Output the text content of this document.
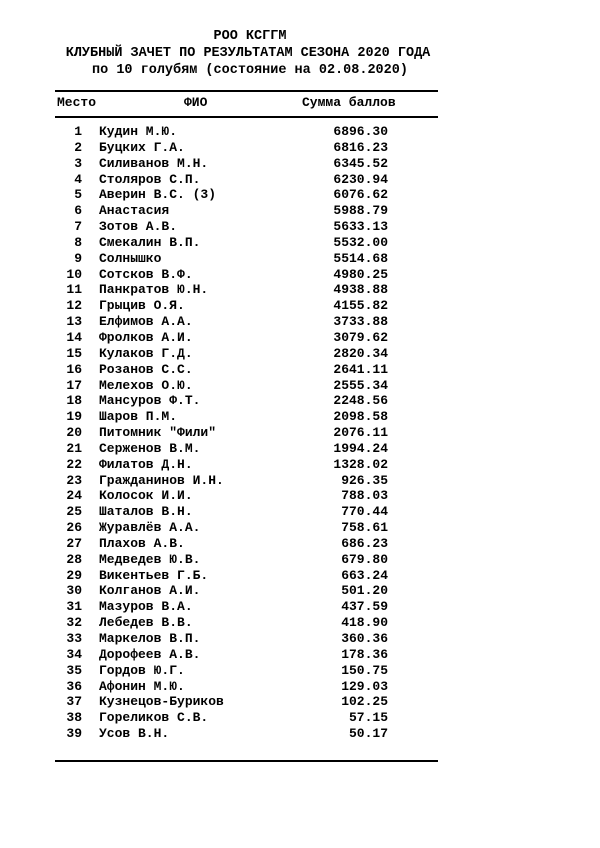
РОО КСГГМ
КЛУБНЫЙ ЗАЧЕТ ПО РЕЗУЛЬТАТАМ СЕЗОНА 2020 ГОДА
по 10 голубям (состояние на 02.08.2020)
Место	ФИО	Сумма баллов
1 Кудин М.Ю.	6896.30
2 Буцких Г.А.	6816.23
3 Силиванов М.Н.	6345.52
4 Столяров С.П.	6230.94
5 Аверин В.С. (3)	6076.62
6 Анастасия	5988.79
7 Зотов А.В.	5633.13
8 Смекалин В.П.	5532.00
9 Солнышко	5514.68
10 Сотсков В.Ф.	4980.25
11 Панкратов Ю.Н.	4938.88
12 Грыцив О.Я.	4155.82
13 Елфимов А.А.	3733.88
14 Фролков А.И.	3079.62
15 Кулаков Г.Д.	2820.34
16 Розанов С.С.	2641.11
17 Мелехов О.Ю.	2555.34
18 Мансуров Ф.Т.	2248.56
19 Шаров П.М.	2098.58
20 Питомник "Фили"	2076.11
21 Серженов В.М.	1994.24
22 Филатов Д.Н.	1328.02
23 Гражданинов И.Н.	926.35
24 Колосок И.И.	788.03
25 Шаталов В.Н.	770.44
26 Журавлёв А.А.	758.61
27 Плахов А.В.	686.23
28 Медведев Ю.В.	679.80
29 Викентьев Г.Б.	663.24
30 Колганов А.И.	501.20
31 Мазуров В.А.	437.59
32 Лебедев В.В.	418.90
33 Маркелов В.П.	360.36
34 Дорофеев А.В.	178.36
35 Гордов Ю.Г.	150.75
36 Афонин М.Ю.	129.03
37 Кузнецов-Буриков	102.25
38 Гореликов С.В.	57.15
39 Усов В.Н.	50.17
